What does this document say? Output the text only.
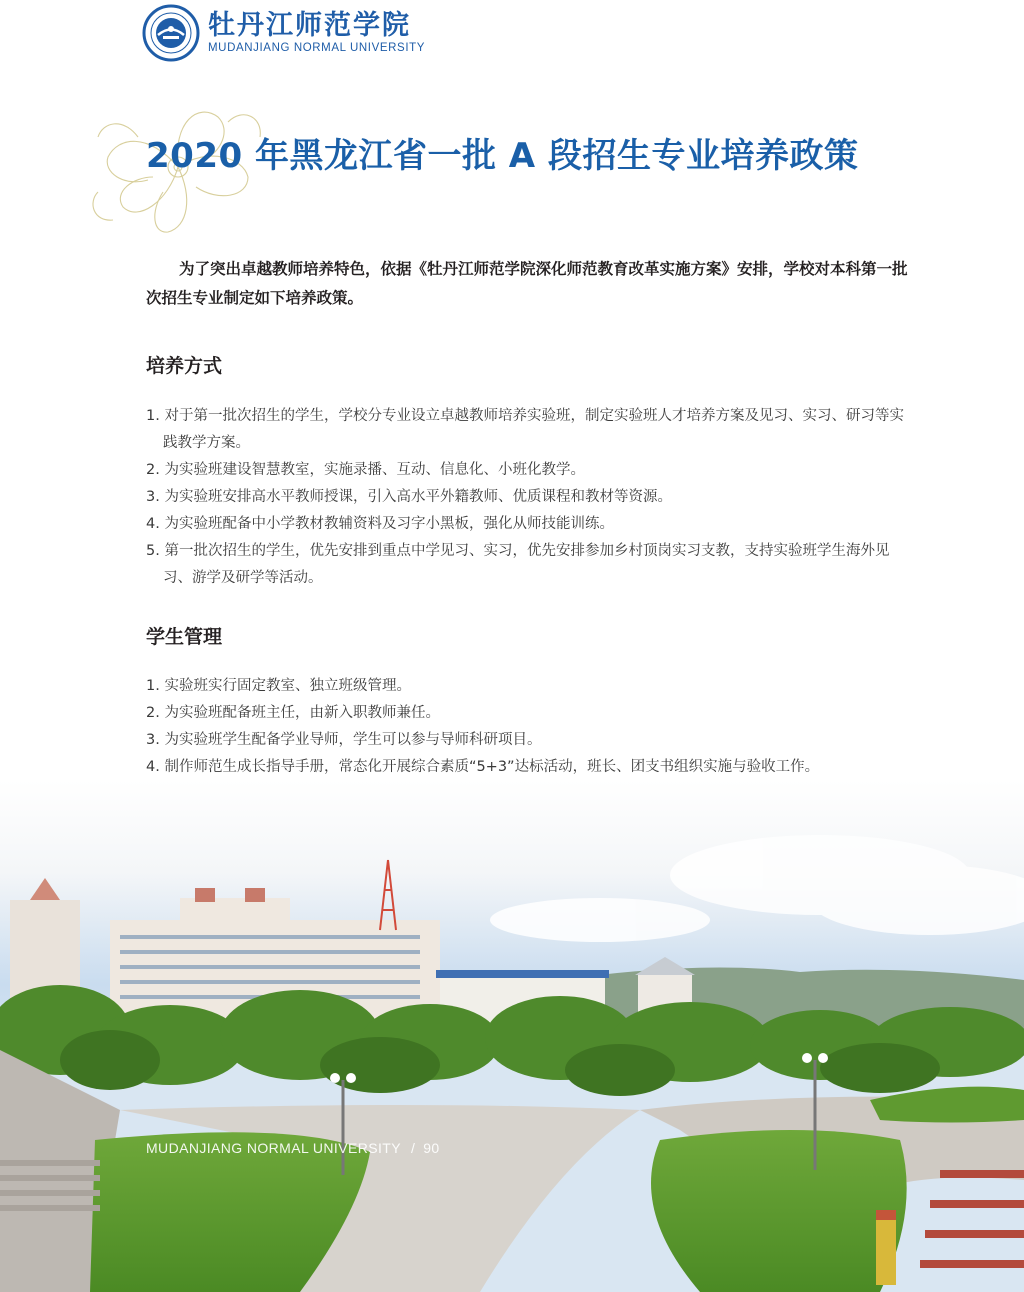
牡丹江师范学院
MUDANJIANG NORMAL UNIVERSITY
2020 年黑龙江省一批 A 段招生专业培养政策

为了突出卓越教师培养特色，依据《牡丹江师范学院深化师范教育改革实施方案》安排，学校对本科第一批次招生专业制定如下培养政策。

培养方式
1. 对于第一批次招生的学生，学校分专业设立卓越教师培养实验班，制定实验班人才培养方案及见习、实习、研习等实践教学方案。
2. 为实验班建设智慧教室，实施录播、互动、信息化、小班化教学。
3. 为实验班安排高水平教师授课，引入高水平外籍教师、优质课程和教材等资源。
4. 为实验班配备中小学教材教辅资料及习字小黑板，强化从师技能训练。
5. 第一批次招生的学生，优先安排到重点中学见习、实习，优先安排参加乡村顶岗实习支教，支持实验班学生海外见习、游学及研学等活动。
学生管理
1. 实验班实行固定教室、独立班级管理。
2. 为实验班配备班主任，由新入职教师兼任。
3. 为实验班学生配备学业导师，学生可以参与导师科研项目。
4. 制作师范生成长指导手册，常态化开展综合素质“5+3”达标活动，班长、团支书组织实施与验收工作。
MUDANJIANG NORMAL UNIVERSITY / 90
